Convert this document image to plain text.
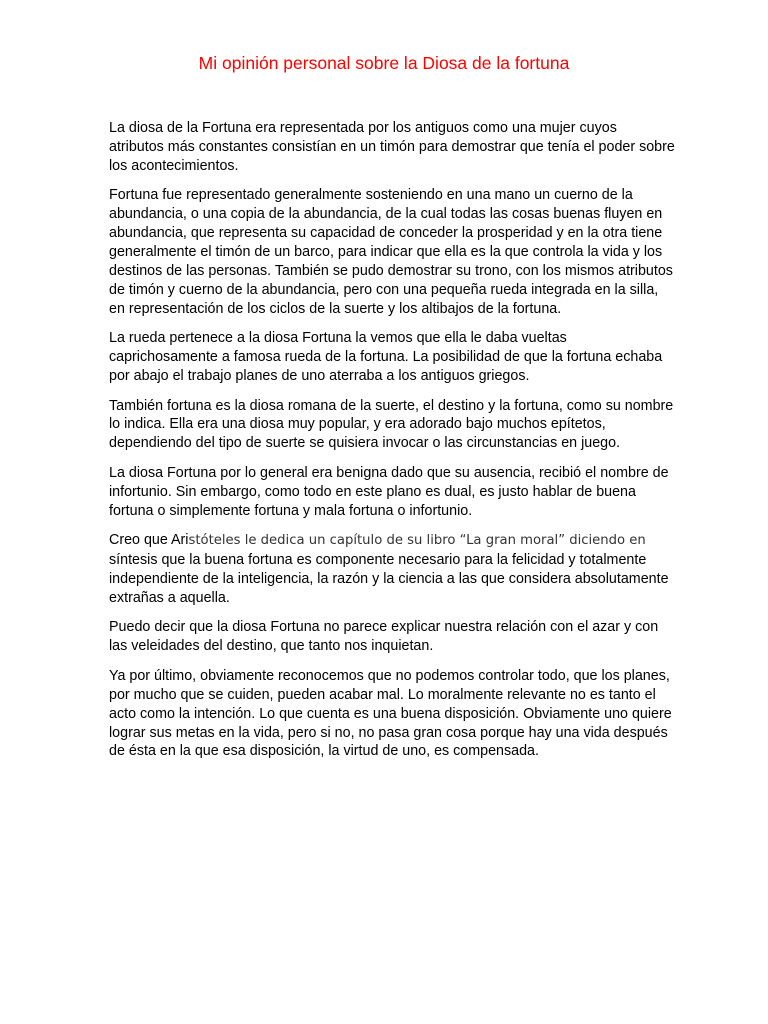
Mi opinión personal sobre la Diosa de la fortuna

La diosa de la Fortuna era representada por los antiguos como una mujer cuyos atributos más constantes consistían en un timón para demostrar que tenía el poder sobre los acontecimientos.

Fortuna fue representado generalmente sosteniendo en una mano un cuerno de la abundancia, o una copia de la abundancia, de la cual todas las cosas buenas fluyen en abundancia, que representa su capacidad de conceder la prosperidad y en la otra tiene generalmente el timón de un barco, para indicar que ella es la que controla la vida y los destinos de las personas. También se pudo demostrar su trono, con los mismos atributos de timón y cuerno de la abundancia, pero con una pequeña rueda integrada en la silla, en representación de los ciclos de la suerte y los altibajos de la fortuna.

La rueda pertenece a la diosa Fortuna la vemos que ella le daba vueltas caprichosamente a famosa rueda de la fortuna. La posibilidad de que la fortuna echaba por abajo el trabajo planes de uno aterraba a los antiguos griegos.

También fortuna es la diosa romana de la suerte, el destino y la fortuna, como su nombre lo indica. Ella era una diosa muy popular, y era adorado bajo muchos epítetos, dependiendo del tipo de suerte se quisiera invocar o las circunstancias en juego.

La diosa Fortuna por lo general era benigna dado que su ausencia, recibió el nombre de infortunio. Sin embargo, como todo en este plano es dual, es justo hablar de buena fortuna o simplemente fortuna y mala fortuna o infortunio.

Creo que Aristóteles le dedica un capítulo de su libro “La gran moral” diciendo en síntesis que la buena fortuna es componente necesario para la felicidad y totalmente independiente de la inteligencia, la razón y la ciencia a las que considera absolutamente extrañas a aquella.

Puedo decir que la diosa Fortuna no parece explicar nuestra relación con el azar y con las veleidades del destino, que tanto nos inquietan.

Ya por último, obviamente reconocemos que no podemos controlar todo, que los planes, por mucho que se cuiden, pueden acabar mal. Lo moralmente relevante no es tanto el acto como la intención. Lo que cuenta es una buena disposición. Obviamente uno quiere lograr sus metas en la vida, pero si no, no pasa gran cosa porque hay una vida después de ésta en la que esa disposición, la virtud de uno, es compensada.
